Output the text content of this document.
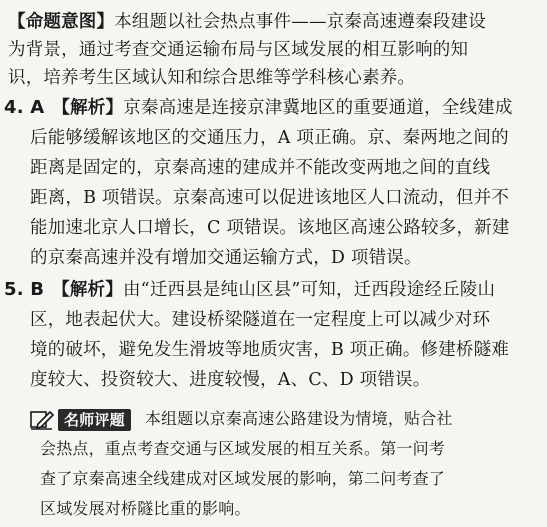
【命题意图】本组题以社会热点事件——京秦高速遵秦段建设
为背景，通过考查交通运输布局与区域发展的相互影响的知
识，培养考生区域认知和综合思维等学科核心素养。
4. A 【解析】京秦高速是连接京津冀地区的重要通道，全线建成
后能够缓解该地区的交通压力，A 项正确。京、秦两地之间的
距离是固定的，京秦高速的建成并不能改变两地之间的直线
距离，B 项错误。京秦高速可以促进该地区人口流动，但并不
能加速北京人口增长，C 项错误。该地区高速公路较多，新建
的京秦高速并没有增加交通运输方式，D 项错误。
5. B 【解析】由“迁西县是纯山区县”可知，迁西段途经丘陵山
区，地表起伏大。建设桥梁隧道在一定程度上可以减少对环
境的破坏，避免发生滑坡等地质灾害，B 项正确。修建桥隧难
度较大、投资较大、进度较慢，A、C、D 项错误。
名师评题 本组题以京秦高速公路建设为情境，贴合社
会热点，重点考查交通与区域发展的相互关系。第一问考
查了京秦高速全线建成对区域发展的影响，第二问考查了
区域发展对桥隧比重的影响。
